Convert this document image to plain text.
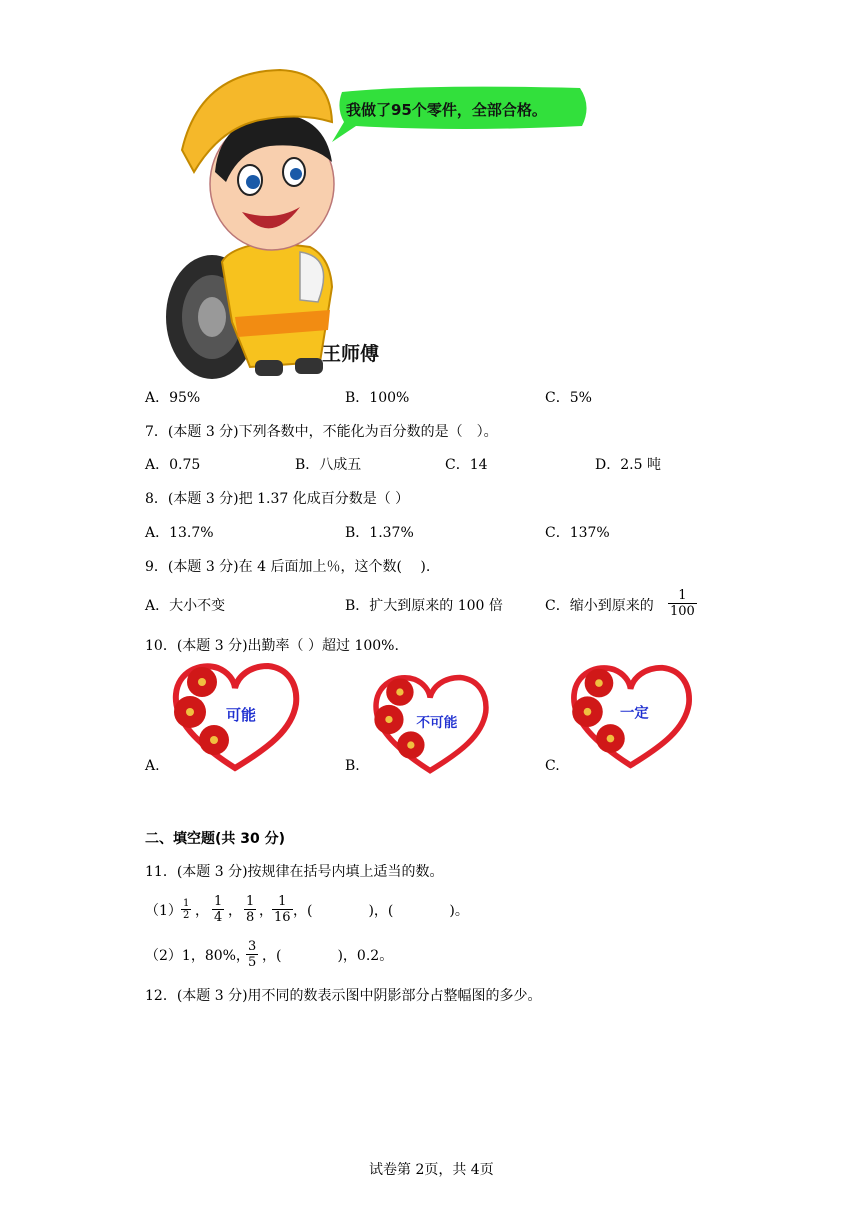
我做了95个零件，全部合格。
王师傅
A．95%	B．100%	C．5%
7．(本题 3 分)下列各数中，不能化为百分数的是（　）。
A．0.75	B．八成五	C．14	D．2.5 吨
8．(本题 3 分)把 1.37 化成百分数是（ ）
A．13.7%	B．1.37%	C．137%
9．(本题 3 分)在 4 后面加上％，这个数(　 ).
A．大小不变	B．扩大到原来的 100 倍	C．缩小到原来的 $\frac{1}{100}$
10．(本题 3 分)出勤率（ ）超过 100%.
A.	B.	C.
可能	不可能
一定
二、填空题(共 30 分)
11．(本题 3 分)按规律在括号内填上适当的数。
$(1) \frac{1}{2}$ ， $\frac{1}{4}$ ， $\frac{1}{8}$ ， $\frac{1}{16}$ ，(　　　　)，(　　　　)。
（2）1，80%，
$\frac{3}{5}$ ，(　　　　)，0.2。
12．(本题 3 分)用不同的数表示图中阴影部分占整幅图的多少。
试卷第 2页，共 4页
